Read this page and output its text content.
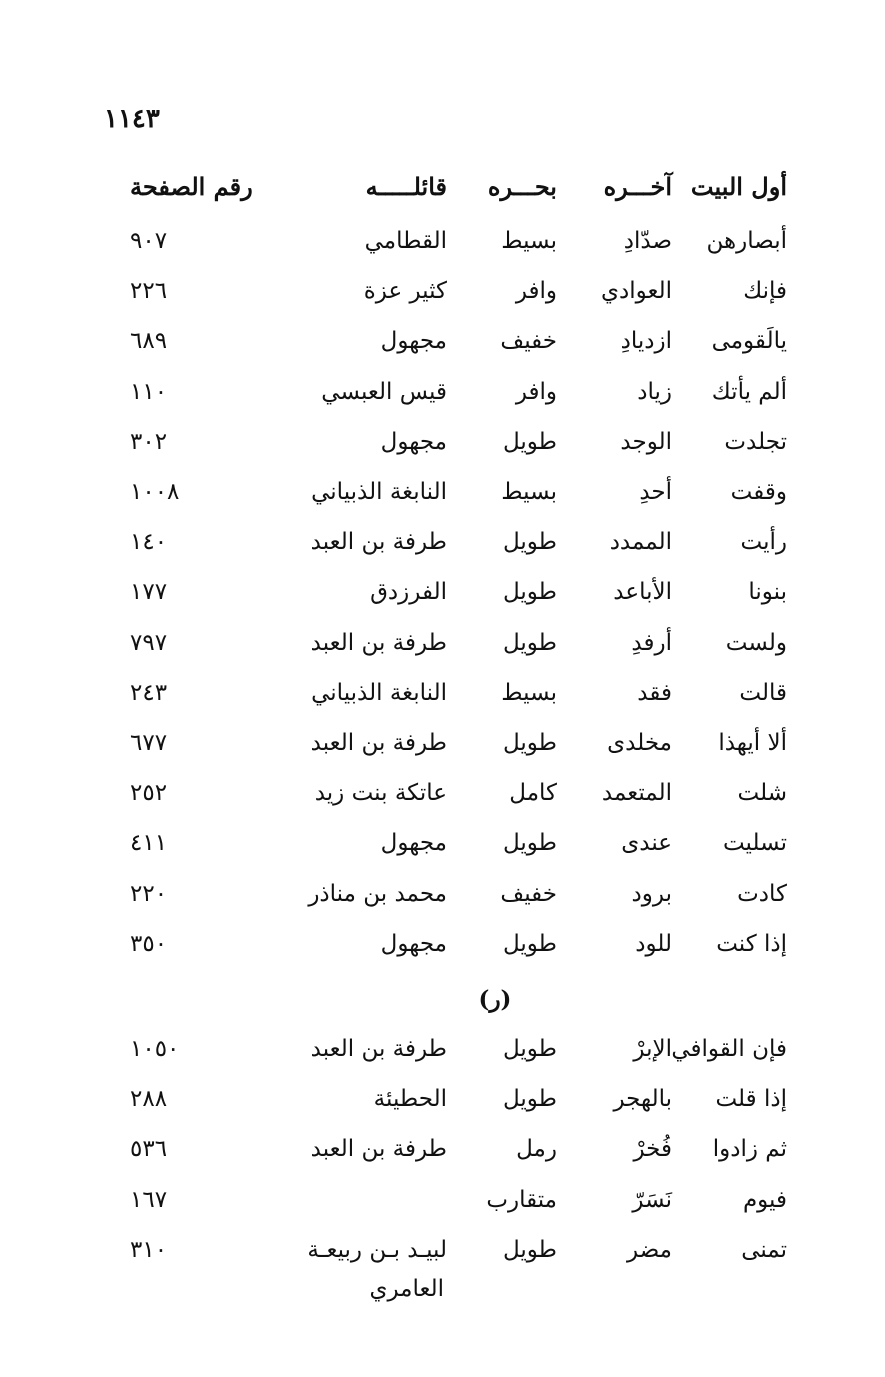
١١٤٣
أول البيت
آخـــره
بحـــره
قائلـــــه
رقم الصفحة
أبصارهن
صدّادِ
بسيط
القطامي
٩٠٧
فإنك
العوادي
وافر
كثير عزة
٢٢٦
يالَقومى
ازديادِ
خفيف
مجهول
٦٨٩
ألم يأتك
زياد
وافر
قيس العبسي
١١٠
تجلدت
الوجد
طويل
مجهول
٣٠٢
وقفت
أحدِ
بسيط
النابغة الذبياني
١٠٠٨
رأيت
الممدد
طويل
طرفة بن العبد
١٤٠
بنونا
الأباعد
طويل
الفرزدق
١٧٧
ولست
أرفدِ
طويل
طرفة بن العبد
٧٩٧
قالت
فقد
بسيط
النابغة الذبياني
٢٤٣
ألا أيهذا
مخلدى
طويل
طرفة بن العبد
٦٧٧
شلت
المتعمد
كامل
عاتكة بنت زيد
٢٥٢
تسليت
عندى
طويل
مجهول
٤١١
كادت
برود
خفيف
محمد بن مناذر
٢٢٠
إذا كنت
للود
طويل
مجهول
٣٥٠
(ر)
فإن القوافي
الإبرْ
طويل
طرفة بن العبد
١٠٥٠
إذا قلت
بالهجر
طويل
الحطيئة
٢٨٨
ثم زادوا
فُخرْ
رمل
طرفة بن العبد
٥٣٦
فيوم
نَسَرّ
متقارب
١٦٧
تمنى
مضر
طويل
لبيـد بـن ربيعـة
٣١٠
العامري
